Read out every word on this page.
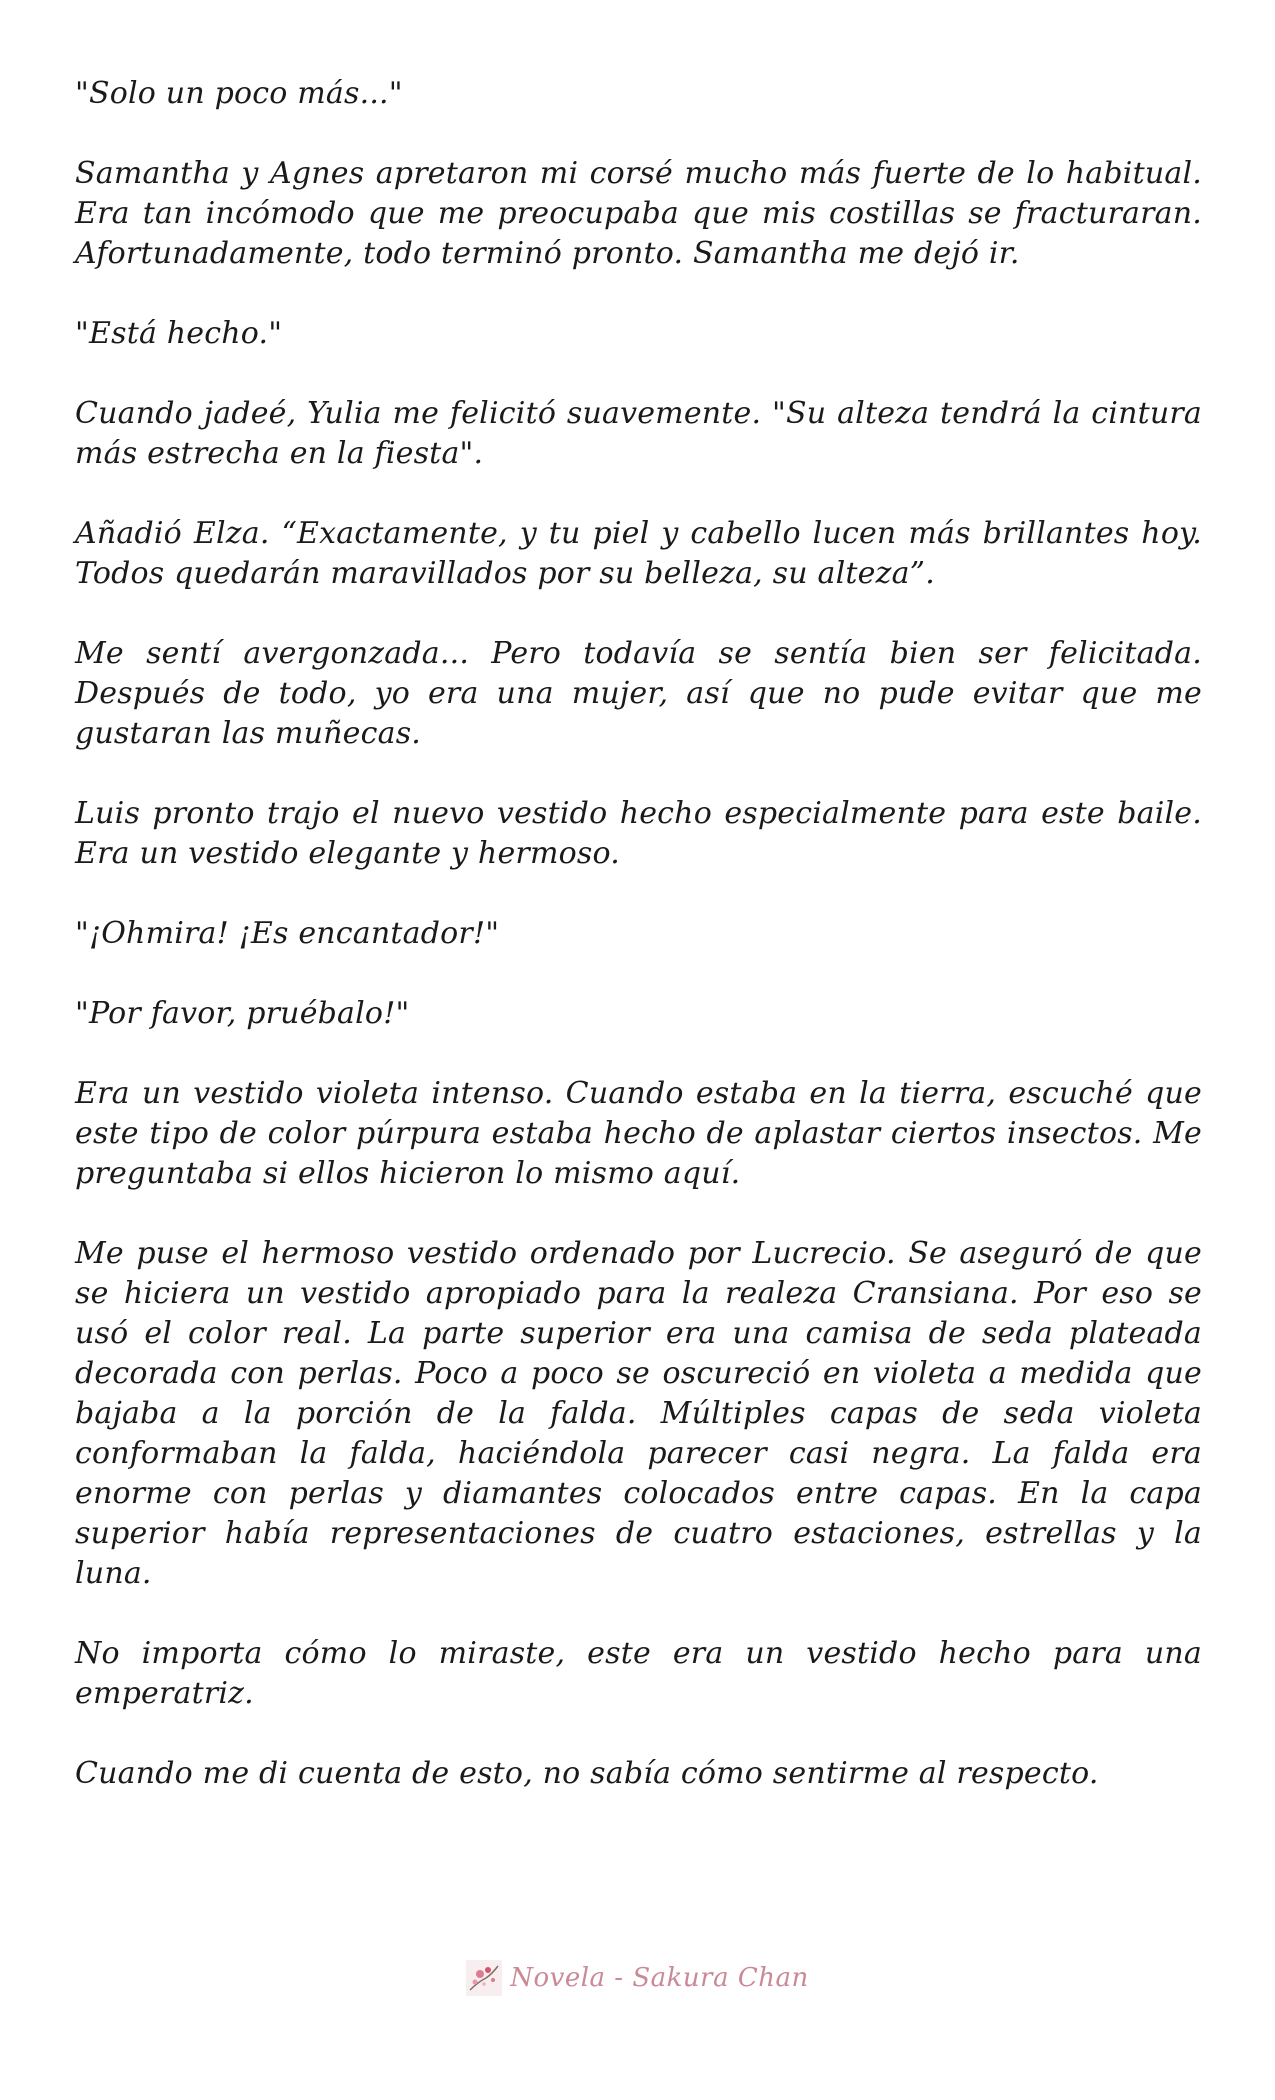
"Solo un poco más..."

Samantha y Agnes apretaron mi corsé mucho más fuerte de lo habitual. Era tan incómodo que me preocupaba que mis costillas se fracturaran. Afortunadamente, todo terminó pronto. Samantha me dejó ir.

"Está hecho."

Cuando jadeé, Yulia me felicitó suavemente. "Su alteza tendrá la cintura más estrecha en la fiesta".

Añadió Elza. “Exactamente, y tu piel y cabello lucen más brillantes hoy. Todos quedarán maravillados por su belleza, su alteza”.

Me sentí avergonzada... Pero todavía se sentía bien ser felicitada. Después de todo, yo era una mujer, así que no pude evitar que me gustaran las muñecas.

Luis pronto trajo el nuevo vestido hecho especialmente para este baile. Era un vestido elegante y hermoso.

"¡Ohmira! ¡Es encantador!"

"Por favor, pruébalo!"

Era un vestido violeta intenso. Cuando estaba en la tierra, escuché que este tipo de color púrpura estaba hecho de aplastar ciertos insectos. Me preguntaba si ellos hicieron lo mismo aquí.

Me puse el hermoso vestido ordenado por Lucrecio. Se aseguró de que se hiciera un vestido apropiado para la realeza Cransiana. Por eso se usó el color real. La parte superior era una camisa de seda plateada decorada con perlas. Poco a poco se oscureció en violeta a medida que bajaba a la porción de la falda. Múltiples capas de seda violeta conformaban la falda, haciéndola parecer casi negra. La falda era enorme con perlas y diamantes colocados entre capas. En la capa superior había representaciones de cuatro estaciones, estrellas y la luna.

No importa cómo lo miraste, este era un vestido hecho para una emperatriz.

Cuando me di cuenta de esto, no sabía cómo sentirme al respecto.

Novela - Sakura Chan
